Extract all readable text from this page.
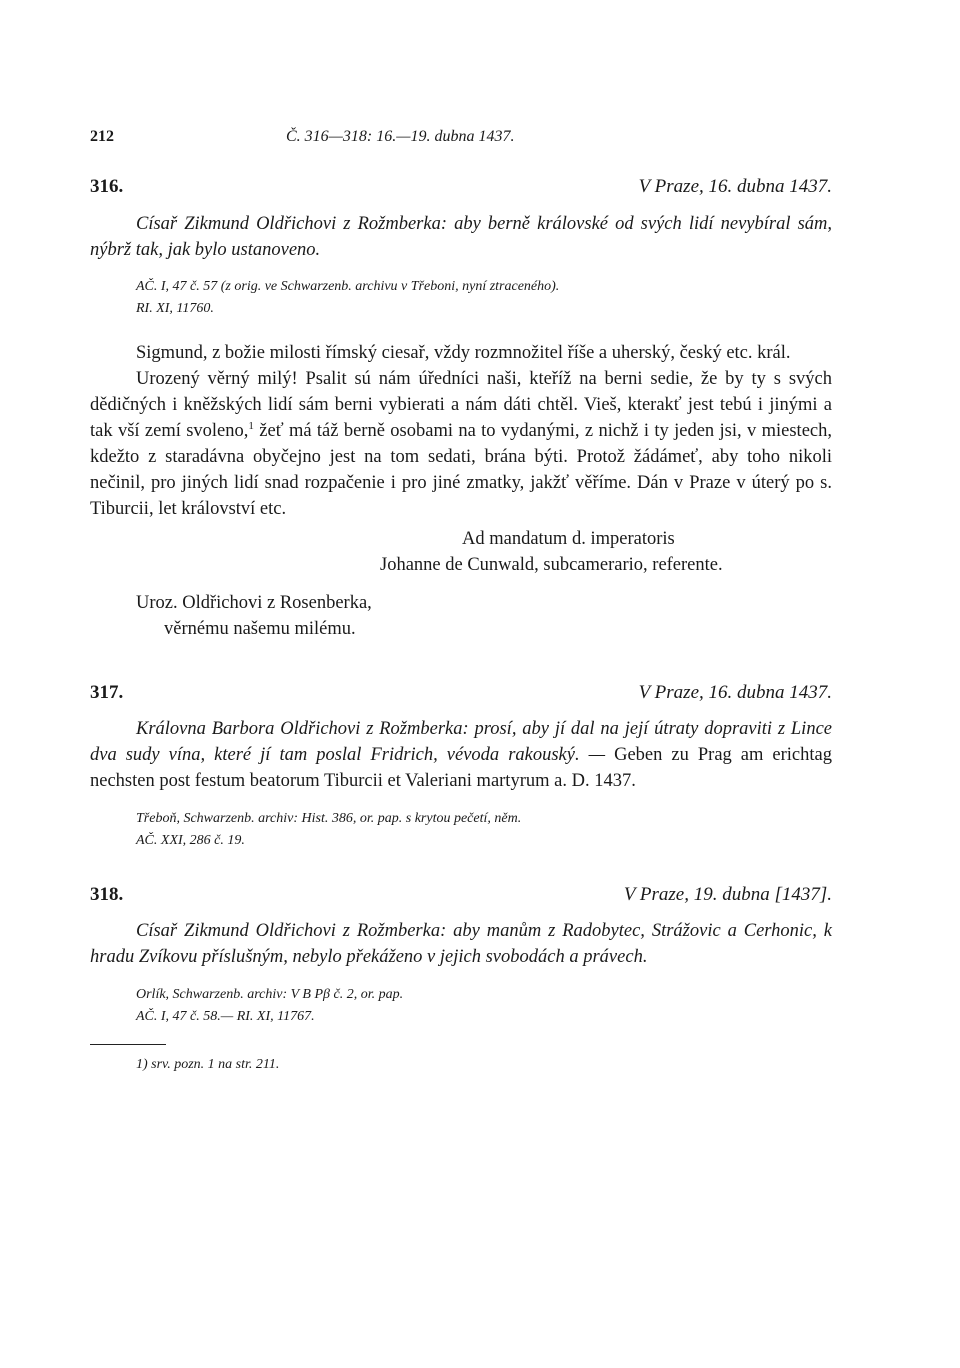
212	Č. 316—318: 16.—19. dubna 1437.
316.	V Praze, 16. dubna 1437.

Císař Zikmund Oldřichovi z Rožmberka: aby berně královské od svých lidí nevybíral sám, nýbrž tak, jak bylo ustanoveno.

AČ. I, 47 č. 57 (z orig. ve Schwarzenb. archivu v Třeboni, nyní ztraceného).
RI. XI, 11760.

Sigmund, z božie milosti římský ciesař, vždy rozmnožitel říše a uherský, český etc. král.

Urozený věrný milý! Psalit sú nám úředníci naši, kteříž na berni sedie, že by ty s svých dědičných i kněžských lidí sám berni vybierati a nám dáti chtěl. Vieš, kterakť jest tebú i jinými a tak vší zemí svoleno,$^1$ žeť má táž berně osobami na to vydanými, z nichž i ty jeden jsi, v miestech, kdežto z staradávna obyčejno jest na tom sedati, brána býti. Protož žádámeť, aby toho nikoli nečinil, pro jiných lidí snad rozpačenie i pro jiné zmatky, jakžť věříme. Dán v Praze v úterý po s. Tiburcii, let království etc.

Ad mandatum d. imperatoris
Johanne de Cunwald, subcamerario, referente.
Uroz. Oldřichovi z Rosenberka,
věrnému našemu milému.
317.	V Praze, 16. dubna 1437.

Královna Barbora Oldřichovi z Rožmberka: prosí, aby jí dal na její útraty dopraviti z Lince dva sudy vína, které jí tam poslal Fridrich, vévoda rakouský. — Geben zu Prag am erichtag nechsten post festum beatorum Tiburcii et Valeriani martyrum a. D. 1437.

Třeboň, Schwarzenb. archiv: Hist. 386, or. pap. s krytou pečetí, něm.
AČ. XXI, 286 č. 19.
318.	V Praze, 19. dubna [1437].

Císař Zikmund Oldřichovi z Rožmberka: aby manům z Radobytec, Strážovic a Cerhonic, k hradu Zvíkovu příslušným, nebylo překáženo v jejich svobodách a právech.

Orlík, Schwarzenb. archiv: V B Pβ č. 2, or. pap.
AČ. I, 47 č. 58.— RI. XI, 11767.
1) srv. pozn. 1 na str. 211.
